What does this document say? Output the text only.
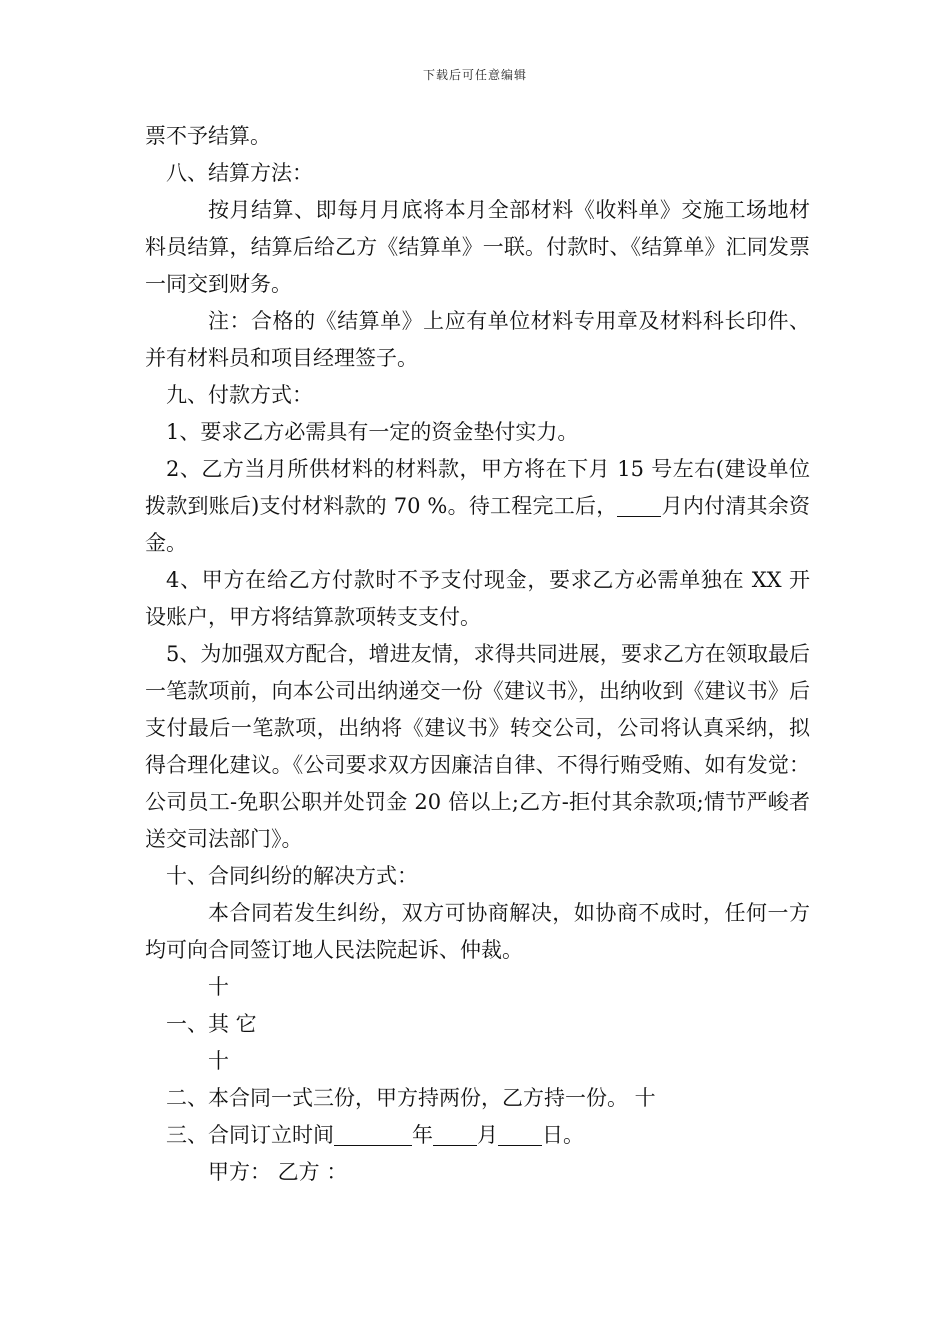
下载后可任意编辑

票不予结算。

八、结算方法：

按月结算、即每月月底将本月全部材料《收料单》交施工场地材料员结算，结算后给乙方《结算单》一联。付款时、《结算单》汇同发票一同交到财务。

注：合格的《结算单》上应有单位材料专用章及材料科长印件、并有材料员和项目经理签子。

九、付款方式：

1、要求乙方必需具有一定的资金垫付实力。

2、乙方当月所供材料的材料款，甲方将在下月 15 号左右(建设单位拨款到账后)支付材料款的 70 %。待工程完工后， 月内付清其余资金。

4、甲方在给乙方付款时不予支付现金，要求乙方必需单独在 XX 开设账户，甲方将结算款项转支支付。

5、为加强双方配合，增进友情，求得共同进展，要求乙方在领取最后一笔款项前，向本公司出纳递交一份《建议书》，出纳收到《建议书》后支付最后一笔款项，出纳将《建议书》转交公司，公司将认真采纳，拟得合理化建议。《公司要求双方因廉洁自律、不得行贿受贿、如有发觉：公司员工-免职公职并处罚金 20 倍以上;乙方-拒付其余款项;情节严峻者送交司法部门》。

十、合同纠纷的解决方式：

本合同若发生纠纷，双方可协商解决，如协商不成时，任何一方均可向合同签订地人民法院起诉、仲裁。

十

一、其 它

十

二、本合同一式三份，甲方持两份，乙方持一份。 十

三、合同订立时间	年 月 日。

甲方： 乙方 ：
